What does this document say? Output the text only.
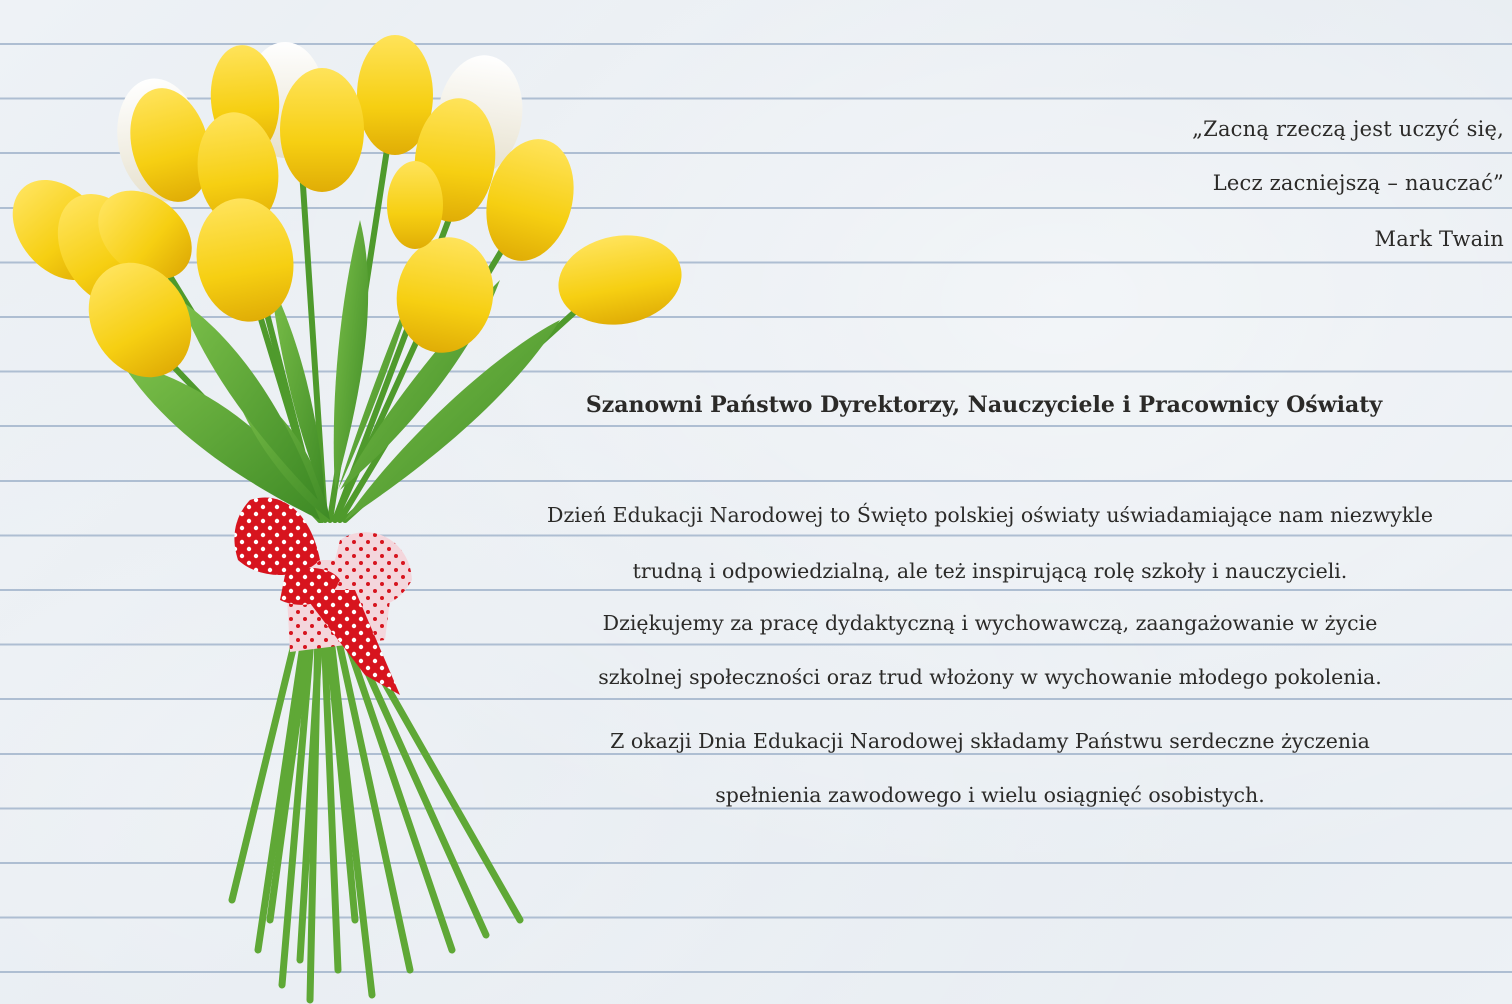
„Zacną rzeczą jest uczyć się,
Lecz zacniejszą – nauczać”
Mark Twain
Szanowni Państwo Dyrektorzy, Nauczyciele i Pracownicy Oświaty
Dzień Edukacji Narodowej to Święto polskiej oświaty uświadamiające nam niezwykle
trudną i odpowiedzialną, ale też inspirującą rolę szkoły i nauczycieli.
Dziękujemy za pracę dydaktyczną i wychowawczą, zaangażowanie w życie
szkolnej społeczności oraz trud włożony w wychowanie młodego pokolenia.
Z okazji Dnia Edukacji Narodowej składamy Państwu serdeczne życzenia
spełnienia zawodowego i wielu osiągnięć osobistych.
